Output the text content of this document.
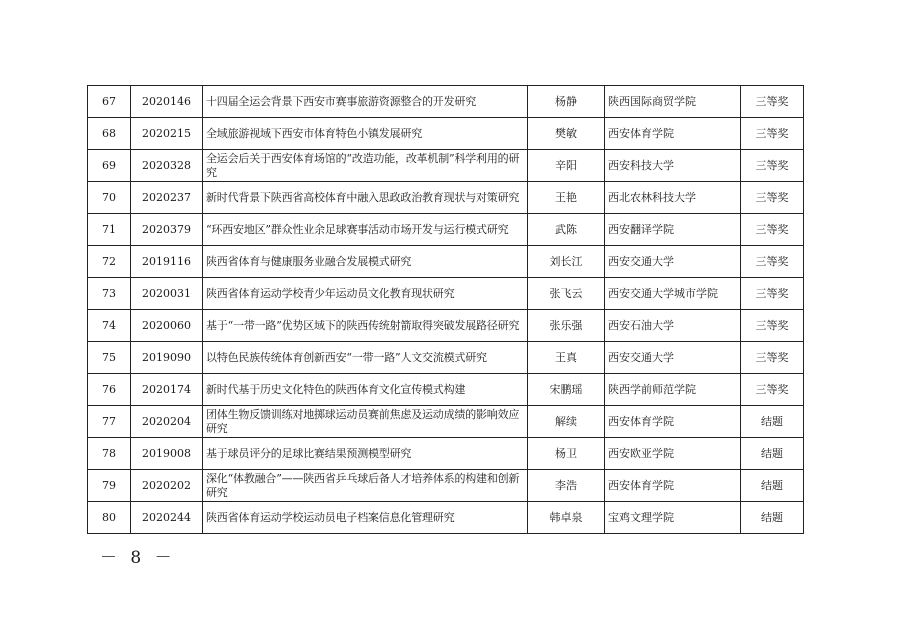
67	2020146	十四届全运会背景下西安市赛事旅游资源整合的开发研究	杨静	陕西国际商贸学院	三等奖
68	2020215	全域旅游视域下西安市体育特色小镇发展研究	樊敏	西安体育学院	三等奖
69	2020328	全运会后关于西安体育场馆的“改造功能，改革机制”科学利用的研究	辛阳	西安科技大学	三等奖
70	2020237	新时代背景下陕西省高校体育中融入思政政治教育现状与对策研究	王艳	西北农林科技大学	三等奖
71	2020379	“环西安地区”群众性业余足球赛事活动市场开发与运行模式研究	武陈	西安翻译学院	三等奖
72	2019116	陕西省体育与健康服务业融合发展模式研究	刘长江	西安交通大学	三等奖
73	2020031	陕西省体育运动学校青少年运动员文化教育现状研究	张飞云	西安交通大学城市学院	三等奖
74	2020060	基于“一带一路”优势区域下的陕西传统射箭取得突破发展路径研究	张乐强	西安石油大学	三等奖
75	2019090	以特色民族传统体育创新西安“一带一路”人文交流模式研究	王真	西安交通大学	三等奖
76	2020174	新时代基于历史文化特色的陕西体育文化宣传模式构建	宋鹏瑶	陕西学前师范学院	三等奖
77	2020204	团体生物反馈训练对地掷球运动员赛前焦虑及运动成绩的影响效应研究	解续	西安体育学院	结题
78	2019008	基于球员评分的足球比赛结果预测模型研究	杨卫	西安欧亚学院	结题
79	2020202	深化“体教融合”——陕西省乒乓球后备人才培养体系的构建和创新研究	李浩	西安体育学院	结题
80	2020244	陕西省体育运动学校运动员电子档案信息化管理研究	韩卓泉	宝鸡文理学院	结题
－ 8 －
